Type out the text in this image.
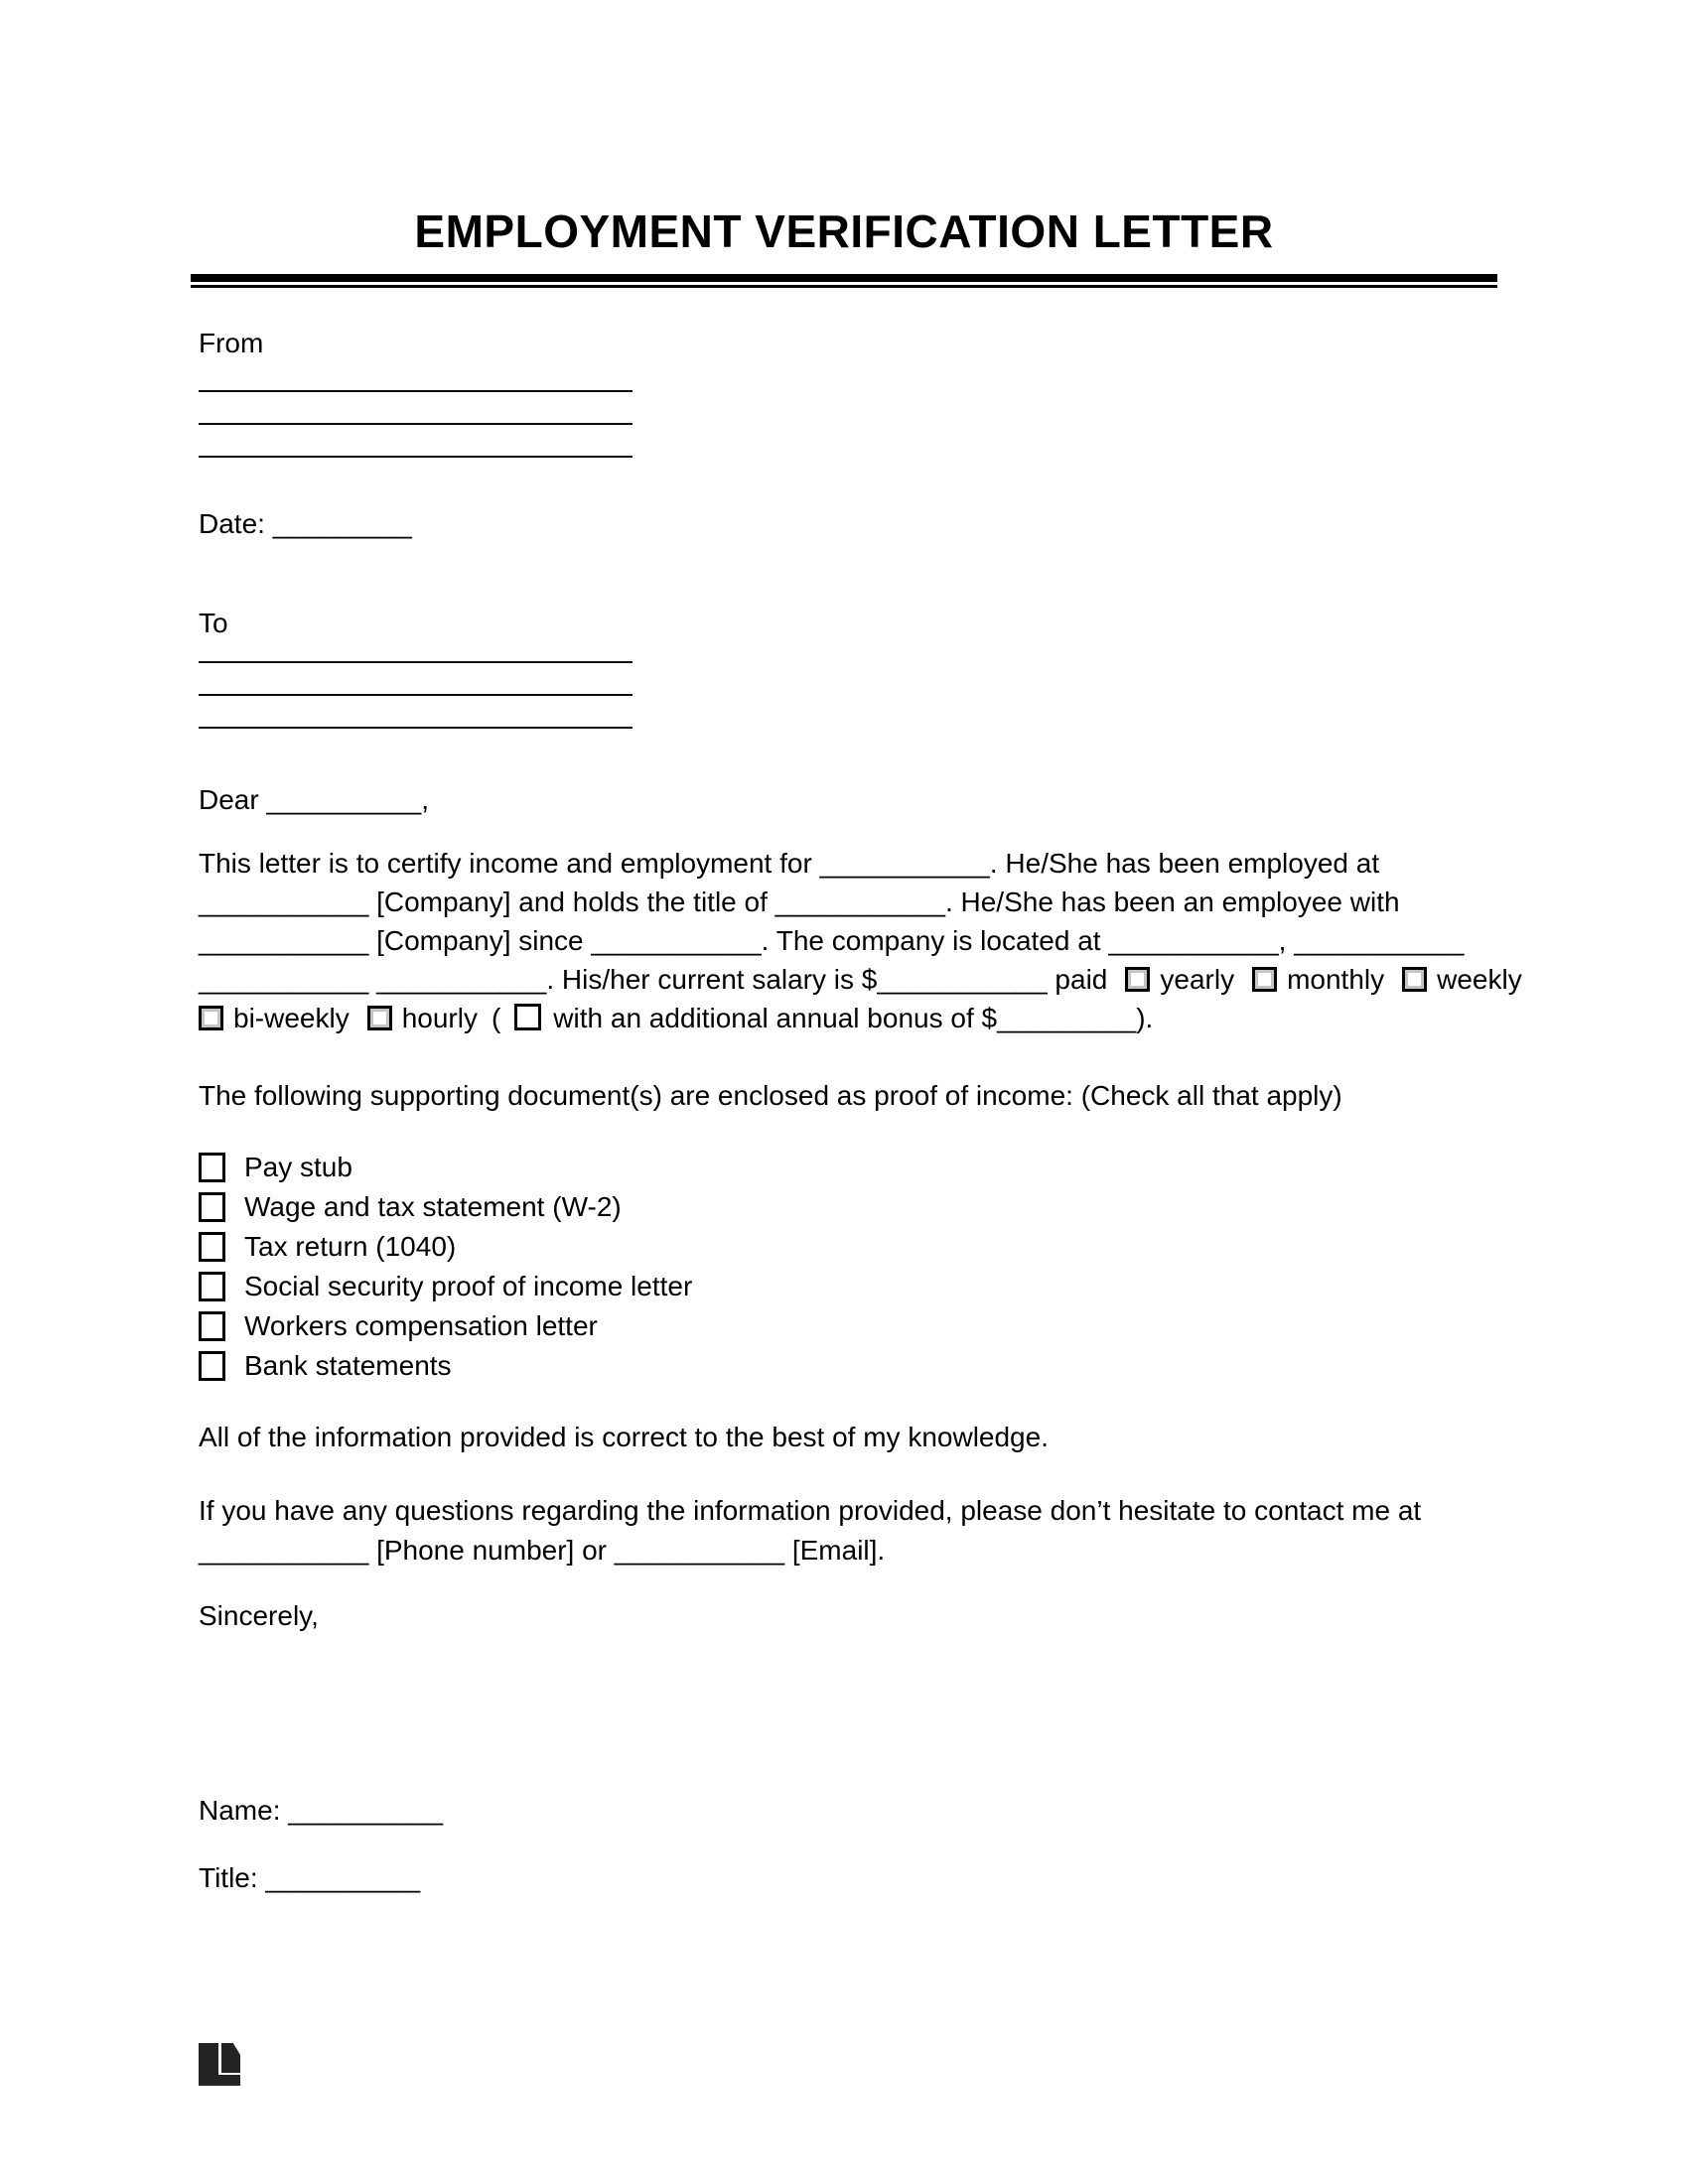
EMPLOYMENT VERIFICATION LETTER
From
Date: _________
To
Dear __________,
This letter is to certify income and employment for ___________. He/She has been employed at
___________ [Company] and holds the title of ___________. He/She has been an employee with
___________ [Company] since ___________. The company is located at ___________, ___________
___________ ___________. His/her current salary is $___________ paid yearly monthly weekly
bi-weekly hourly ( with an additional annual bonus of $_________).
The following supporting document(s) are enclosed as proof of income: (Check all that apply)
Pay stub
Wage and tax statement (W-2)
Tax return (1040)
Social security proof of income letter
Workers compensation letter
Bank statements
All of the information provided is correct to the best of my knowledge.
If you have any questions regarding the information provided, please don’t hesitate to contact me at
___________ [Phone number] or ___________ [Email].
Sincerely,
Name: __________
Title: __________
